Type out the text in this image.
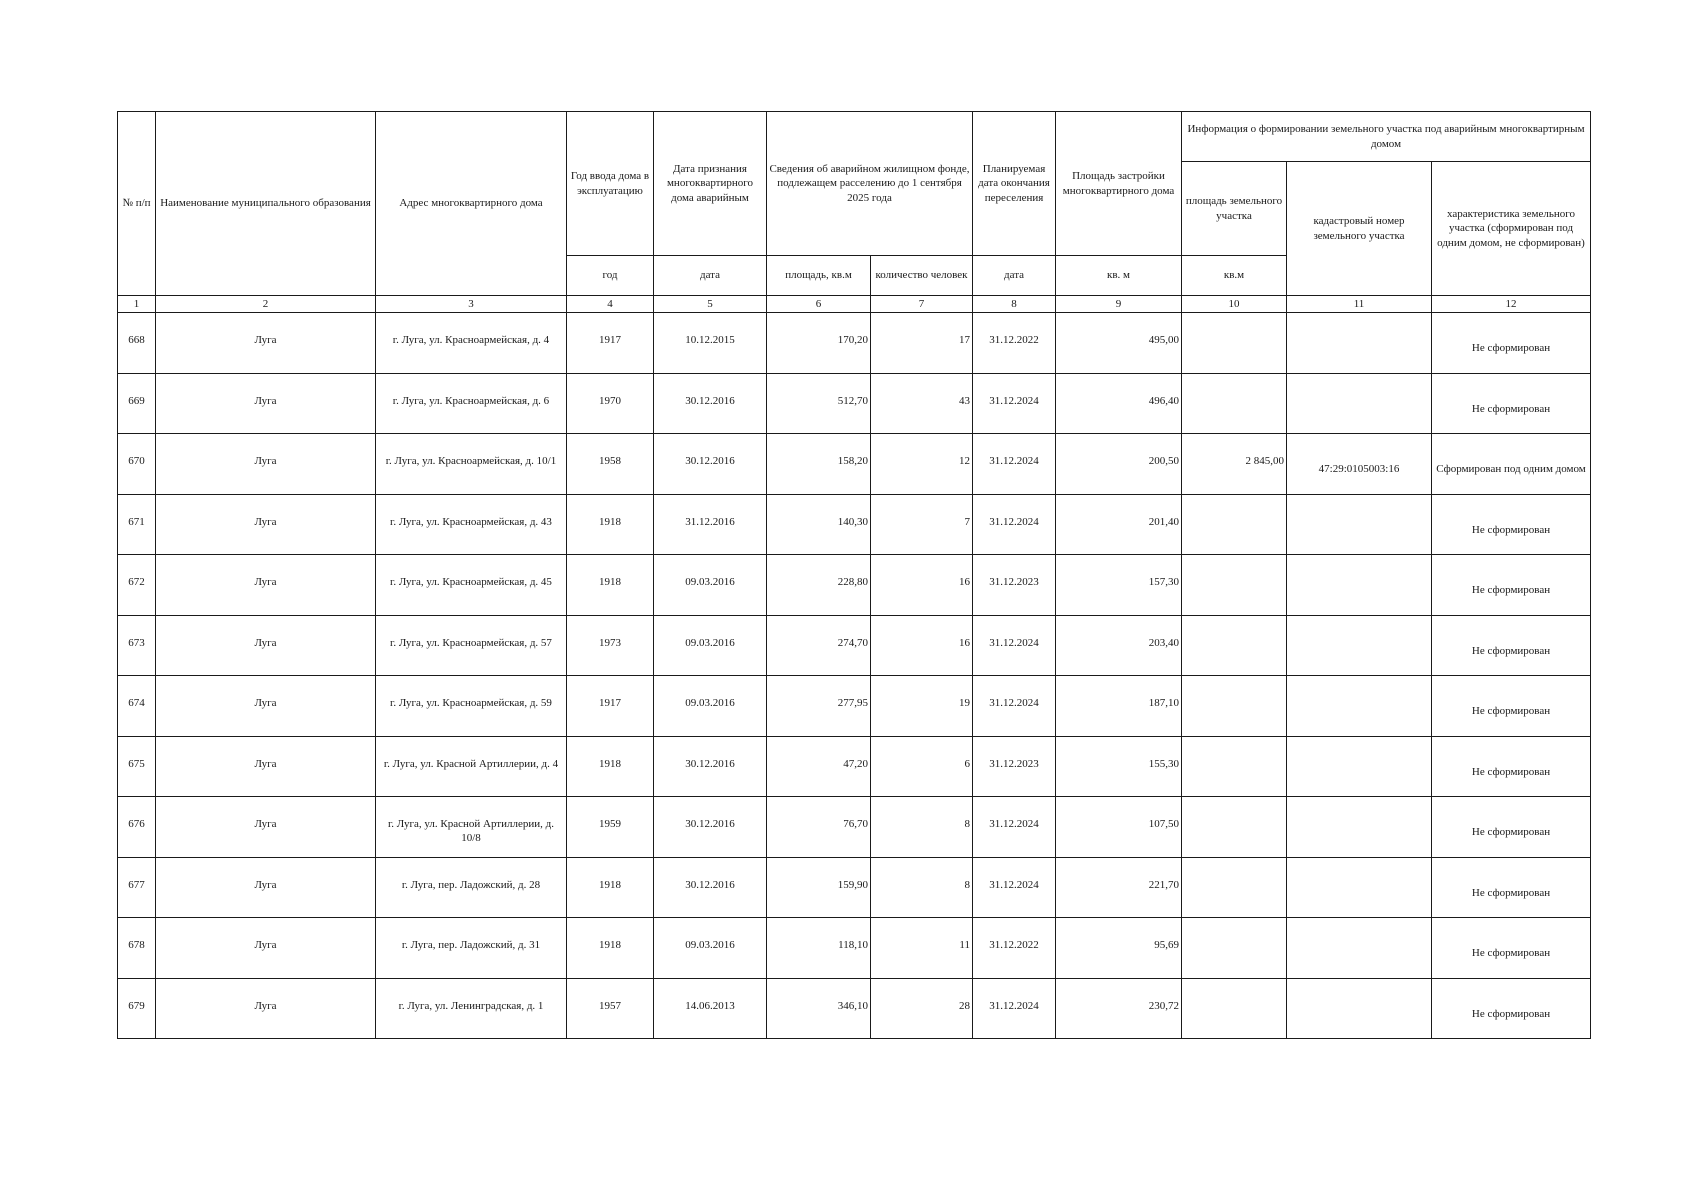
№ п/п	Наименование муниципального образования	Адрес многоквартирного дома	Год ввода дома в эксплуатацию	Дата признания многоквартирного дома аварийным	Сведения об аварийном жилищном фонде, подлежащем расселению до 1 сентября 2025 года		Планируемая дата окончания переселения	Площадь застройки многоквартирного дома	Информация о формировании земельного участка под аварийным многоквартирным домом		
									площадь земельного участка	кадастровый номер земельного участка	характеристика земельного участка (сформирован под одним домом, не сформирован)
			год	дата	площадь, кв.м	количество человек	дата	кв. м	кв.м		
1	2	3	4	5	6	7	8	9	10	11	12
668	Луга	г. Луга, ул. Красноармейская, д. 4	1917	10.12.2015	170,20	17	31.12.2022	495,00			Не сформирован
669	Луга	г. Луга, ул. Красноармейская, д. 6	1970	30.12.2016	512,70	43	31.12.2024	496,40			Не сформирован
670	Луга	г. Луга, ул. Красноармейская, д. 10/1	1958	30.12.2016	158,20	12	31.12.2024	200,50	2 845,00	47:29:0105003:16	Сформирован под одним домом
671	Луга	г. Луга, ул. Красноармейская, д. 43	1918	31.12.2016	140,30	7	31.12.2024	201,40			Не сформирован
672	Луга	г. Луга, ул. Красноармейская, д. 45	1918	09.03.2016	228,80	16	31.12.2023	157,30			Не сформирован
673	Луга	г. Луга, ул. Красноармейская, д. 57	1973	09.03.2016	274,70	16	31.12.2024	203,40			Не сформирован
674	Луга	г. Луга, ул. Красноармейская, д. 59	1917	09.03.2016	277,95	19	31.12.2024	187,10			Не сформирован
675	Луга	г. Луга, ул. Красной Артиллерии, д. 4	1918	30.12.2016	47,20	6	31.12.2023	155,30			Не сформирован
676	Луга	г. Луга, ул. Красной Артиллерии, д. 10/8	1959	30.12.2016	76,70	8	31.12.2024	107,50			Не сформирован
677	Луга	г. Луга, пер. Ладожский, д. 28	1918	30.12.2016	159,90	8	31.12.2024	221,70			Не сформирован
678	Луга	г. Луга, пер. Ладожский, д. 31	1918	09.03.2016	118,10	11	31.12.2022	95,69			Не сформирован
679	Луга	г. Луга, ул. Ленинградская, д. 1	1957	14.06.2013	346,10	28	31.12.2024	230,72			Не сформирован
